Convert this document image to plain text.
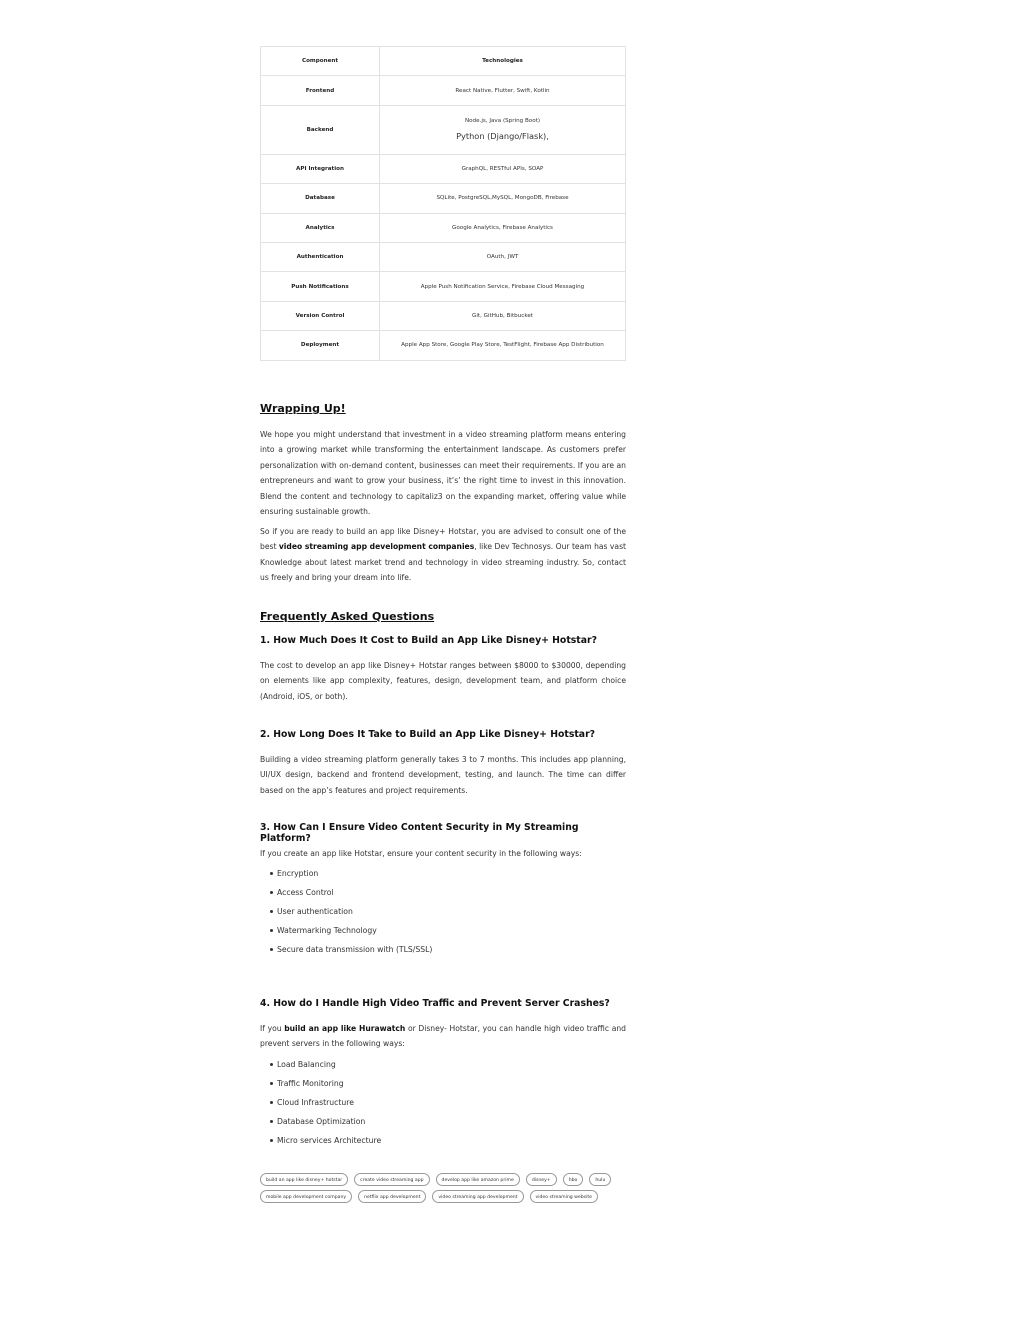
Component	Technologies
Frontend	React Native, Flutter, Swift, Kotlin
Backend	Node.js, Java (Spring Boot)
Python (Django/Flask),

API Integration	GraphQL, RESTful APIs, SOAP
Database	SQLite, PostgreSQL,MySQL, MongoDB, Firebase
Analytics	Google Analytics, Firebase Analytics
Authentication	OAuth, JWT
Push Notifications	Apple Push Notification Service, Firebase Cloud Messaging
Version Control	Git, GitHub, Bitbucket
Deployment	Apple App Store, Google Play Store, TestFlight, Firebase App Distribution
Wrapping Up!

We hope you might understand that investment in a video streaming platform means entering into a growing market while transforming the entertainment landscape. As customers prefer personalization with on-demand content, businesses can meet their requirements. If you are an entrepreneurs and want to grow your business, it’s’ the right time to invest in this innovation. Blend the content and technology to capitaliz3 on the expanding market, offering value while ensuring sustainable growth.

So if you are ready to build an app like Disney+ Hotstar, you are advised to consult one of the best video streaming app development companies, like Dev Technosys. Our team has vast Knowledge about latest market trend and technology in video streaming industry. So, contact us freely and bring your dream into life.

Frequently Asked Questions
1. How Much Does It Cost to Build an App Like Disney+ Hotstar?

The cost to develop an app like Disney+ Hotstar ranges between $8000 to $30000, depending on elements like app complexity, features, design, development team, and platform choice (Android, iOS, or both).

2. How Long Does It Take to Build an App Like Disney+ Hotstar?

Building a video streaming platform generally takes 3 to 7 months. This includes app planning, UI/UX design, backend and frontend development, testing, and launch. The time can differ based on the app’s features and project requirements.

3. How Can I Ensure Video Content Security in My Streaming Platform?

If you create an app like Hotstar, ensure your content security in the following ways:

Encryption
Access Control
User authentication
Watermarking Technology
Secure data transmission with (TLS/SSL)
4. How do I Handle High Video Traffic and Prevent Server Crashes?

If you build an app like Hurawatch or Disney- Hotstar, you can handle high video traffic and prevent servers in the following ways:

Load Balancing
Traffic Monitoring
Cloud Infrastructure
Database Optimization
Micro services Architecture
build an app like disney+ hotstar	create video streaming app	develop app like amazon prime	disney+	hbo	hulu
mobile app development company	netflix app development	video streaming app development	video streaming website
